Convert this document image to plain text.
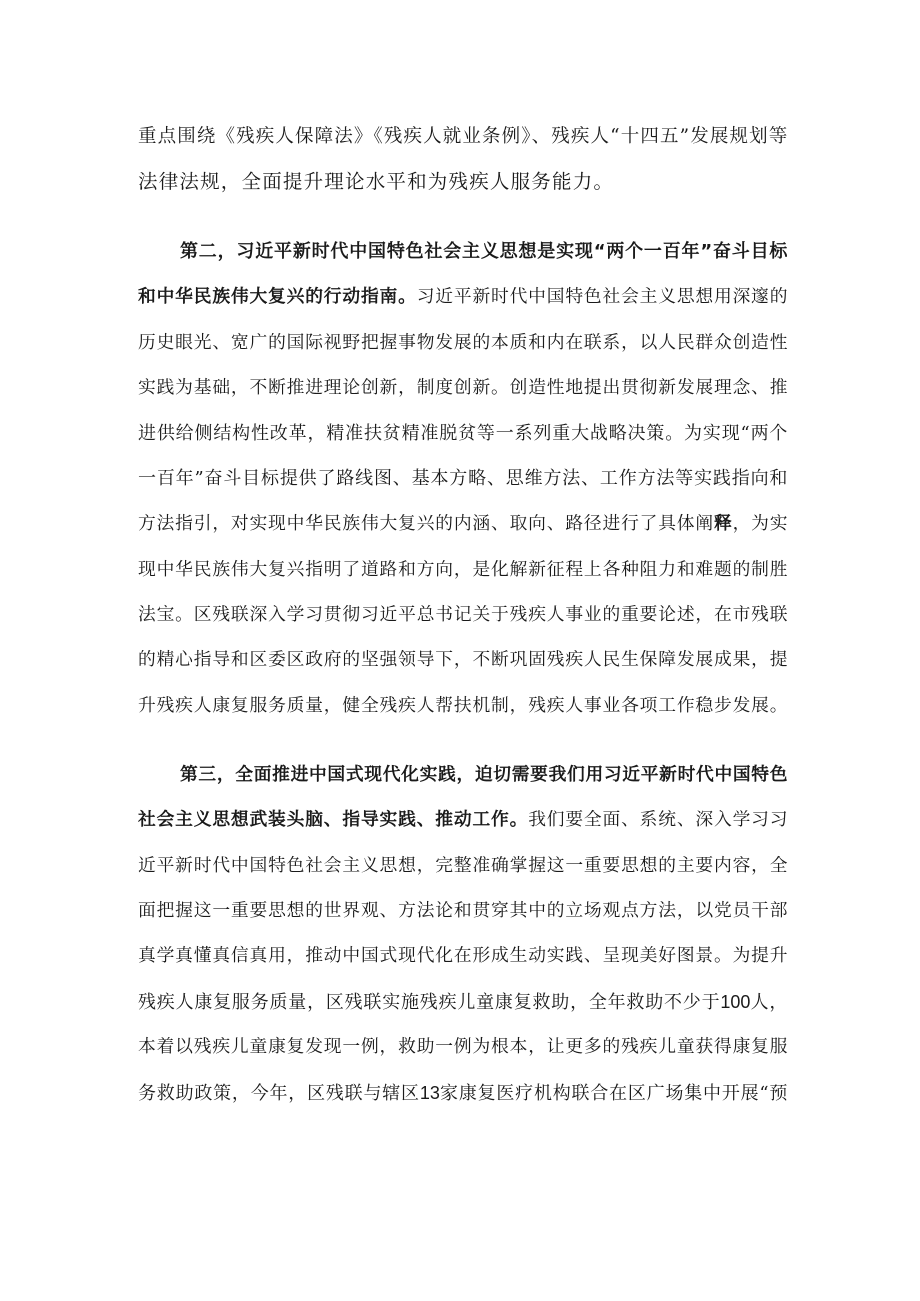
重点围绕《残疾人保障法》《残疾人就业条例》、残疾人“十四五”发展规划等
法律法规，全面提升理论水平和为残疾人服务能力。
第二，习近平新时代中国特色社会主义思想是实现“两个一百年”奋斗目标
和中华民族伟大复兴的行动指南。习近平新时代中国特色社会主义思想用深邃的
历史眼光、宽广的国际视野把握事物发展的本质和内在联系，以人民群众创造性
实践为基础，不断推进理论创新，制度创新。创造性地提出贯彻新发展理念、推
进供给侧结构性改革，精准扶贫精准脱贫等一系列重大战略决策。为实现“两个
一百年”奋斗目标提供了路线图、基本方略、思维方法、工作方法等实践指向和
方法指引，对实现中华民族伟大复兴的内涵、取向、路径进行了具体阐释，为实
现中华民族伟大复兴指明了道路和方向，是化解新征程上各种阻力和难题的制胜
法宝。区残联深入学习贯彻习近平总书记关于残疾人事业的重要论述，在市残联
的精心指导和区委区政府的坚强领导下，不断巩固残疾人民生保障发展成果，提
升残疾人康复服务质量，健全残疾人帮扶机制，残疾人事业各项工作稳步发展。
第三，全面推进中国式现代化实践，迫切需要我们用习近平新时代中国特色
社会主义思想武装头脑、指导实践、推动工作。我们要全面、系统、深入学习习
近平新时代中国特色社会主义思想，完整准确掌握这一重要思想的主要内容，全
面把握这一重要思想的世界观、方法论和贯穿其中的立场观点方法，以党员干部
真学真懂真信真用，推动中国式现代化在形成生动实践、呈现美好图景。为提升
残疾人康复服务质量，区残联实施残疾儿童康复救助，全年救助不少于100人，
本着以残疾儿童康复发现一例，救助一例为根本，让更多的残疾儿童获得康复服
务救助政策，今年，区残联与辖区13家康复医疗机构联合在区广场集中开展“预
